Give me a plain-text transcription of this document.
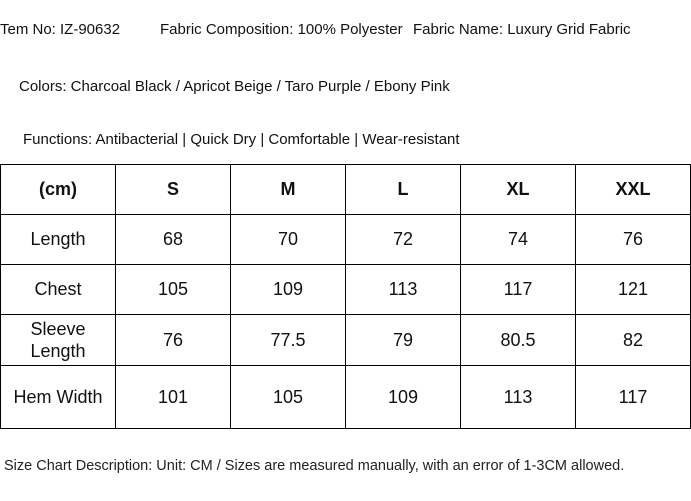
Tem No: IZ-90632	Fabric Composition: 100% Polyester Fabric Name: Luxury Grid Fabric
Colors: Charcoal Black / Apricot Beige / Taro Purple / Ebony Pink
Functions: Antibacterial | Quick Dry | Comfortable | Wear-resistant
(cm)	S	M	L	XL	XXL
Length	68	70	72	74	76
Chest	105	109	113	117	121
Sleeve
Length	76	77.5	79	80.5	82
Hem Width	101	105	109	113	117
Size Chart Description: Unit: CM / Sizes are measured manually, with an error of 1-3CM allowed.
